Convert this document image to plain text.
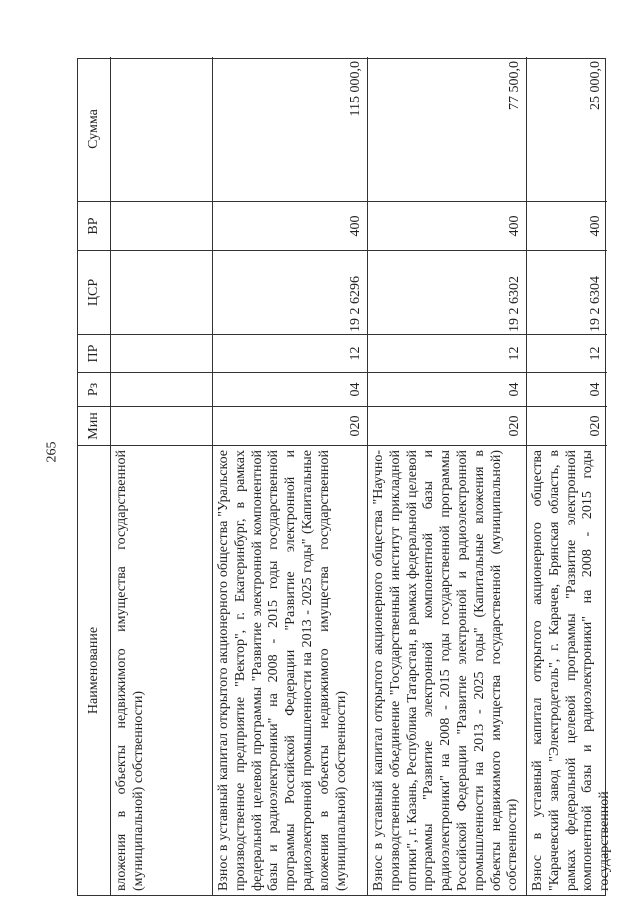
265
Наименование
Мин
Рз
ПР
ЦСР
ВР
Сумма
вложения в объекты недвижимого имущества государственной (муниципальной) собственности)	Взнос в уставный капитал открытого акционерного общества "Уральское производственное предприятие "Вектор", г. Екатеринбург, в рамках федеральной целевой программы "Развитие электронной компонентной базы и радиоэлектроники" на 2008 - 2015 годы государственной программы Российской Федерации "Развитие электронной и радиоэлектронной промышленности на 2013 - 2025 годы" (Капитальные вложения в объекты недвижимого имущества государственной (муниципальной) собственности)
020
04
12
19 2 6296
400
115 000,0
Взнос в уставный капитал открытого акционерного общества "Научно-производственное объединение "Государственный институт прикладной оптики", г. Казань, Республика Татарстан, в рамках федеральной целевой программы "Развитие электронной компонентной базы и радиоэлектроники" на 2008 - 2015 годы государственной программы Российской Федерации "Развитие электронной и радиоэлектронной промышленности на 2013 - 2025 годы" (Капитальные вложения в объекты недвижимого имущества государственной (муниципальной) собственности)
020
04
12
19 2 6302
400
77 500,0
Взнос в уставный капитал открытого акционерного общества "Карачевский завод "Электродеталь", г. Карачев, Брянская область, в рамках федеральной целевой программы "Развитие электронной компонентной базы и радиоэлектроники" на 2008 - 2015 годы государственной
020
04
12
19 2 6304
400
25 000,0
